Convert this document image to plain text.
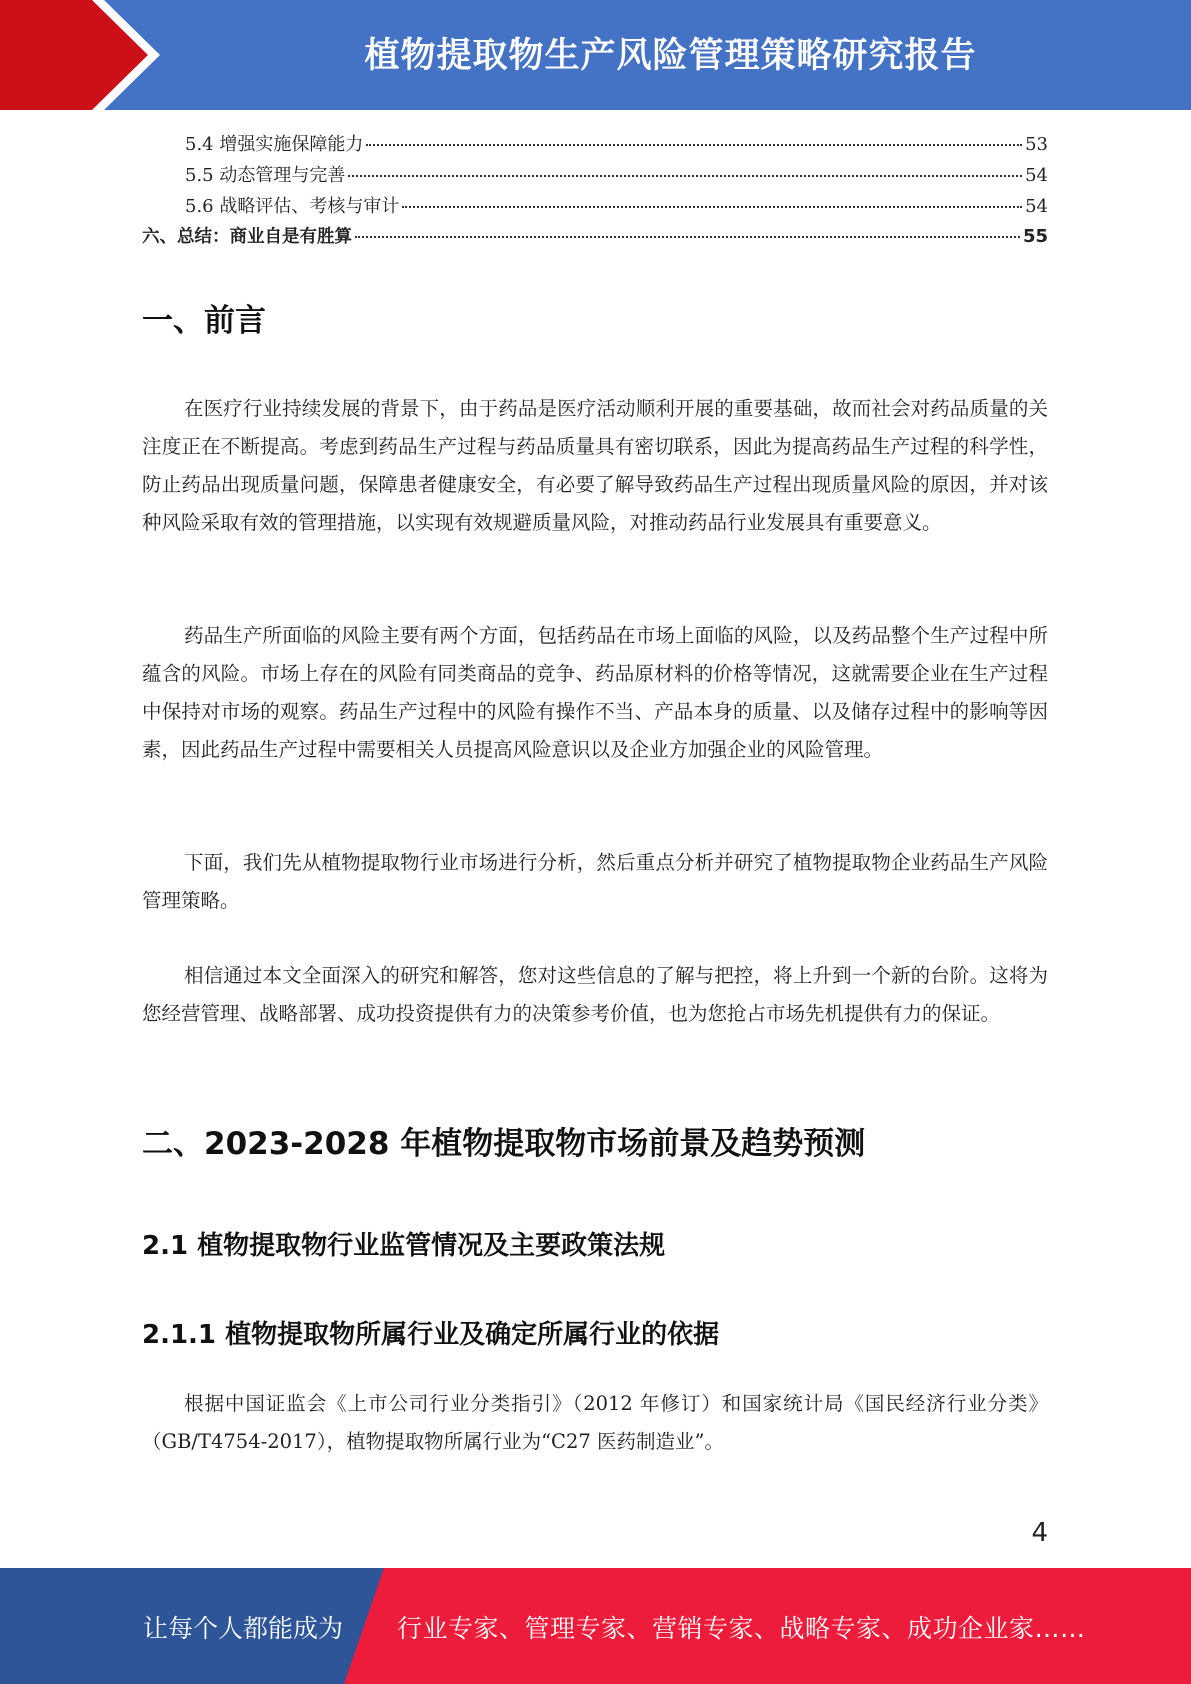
植物提取物生产风险管理策略研究报告
5.4 增强实施保障能力	53
5.5 动态管理与完善	54
5.6 战略评估、考核与审计	54
六、总结：商业自是有胜算	55
一、前言
在医疗行业持续发展的背景下，由于药品是医疗活动顺利开展的重要基础，故而社会对药品质量的关注度正在不断提高。考虑到药品生产过程与药品质量具有密切联系，因此为提高药品生产过程的科学性，防止药品出现质量问题，保障患者健康安全，有必要了解导致药品生产过程出现质量风险的原因，并对该种风险采取有效的管理措施，以实现有效规避质量风险，对推动药品行业发展具有重要意义。
药品生产所面临的风险主要有两个方面，包括药品在市场上面临的风险，以及药品整个生产过程中所蕴含的风险。市场上存在的风险有同类商品的竞争、药品原材料的价格等情况，这就需要企业在生产过程中保持对市场的观察。药品生产过程中的风险有操作不当、产品本身的质量、以及储存过程中的影响等因素，因此药品生产过程中需要相关人员提高风险意识以及企业方加强企业的风险管理。
下面，我们先从植物提取物行业市场进行分析，然后重点分析并研究了植物提取物企业药品生产风险管理策略。
相信通过本文全面深入的研究和解答，您对这些信息的了解与把控，将上升到一个新的台阶。这将为您经营管理、战略部署、成功投资提供有力的决策参考价值，也为您抢占市场先机提供有力的保证。
二、2023-2028 年植物提取物市场前景及趋势预测
2.1 植物提取物行业监管情况及主要政策法规
2.1.1 植物提取物所属行业及确定所属行业的依据
根据中国证监会《上市公司行业分类指引》（2012 年修订）和国家统计局《国民经济行业分类》（GB/T4754-2017），植物提取物所属行业为“C27 医药制造业”。
4
让每个人都能成为 行业专家、管理专家、营销专家、战略专家、成功企业家……
